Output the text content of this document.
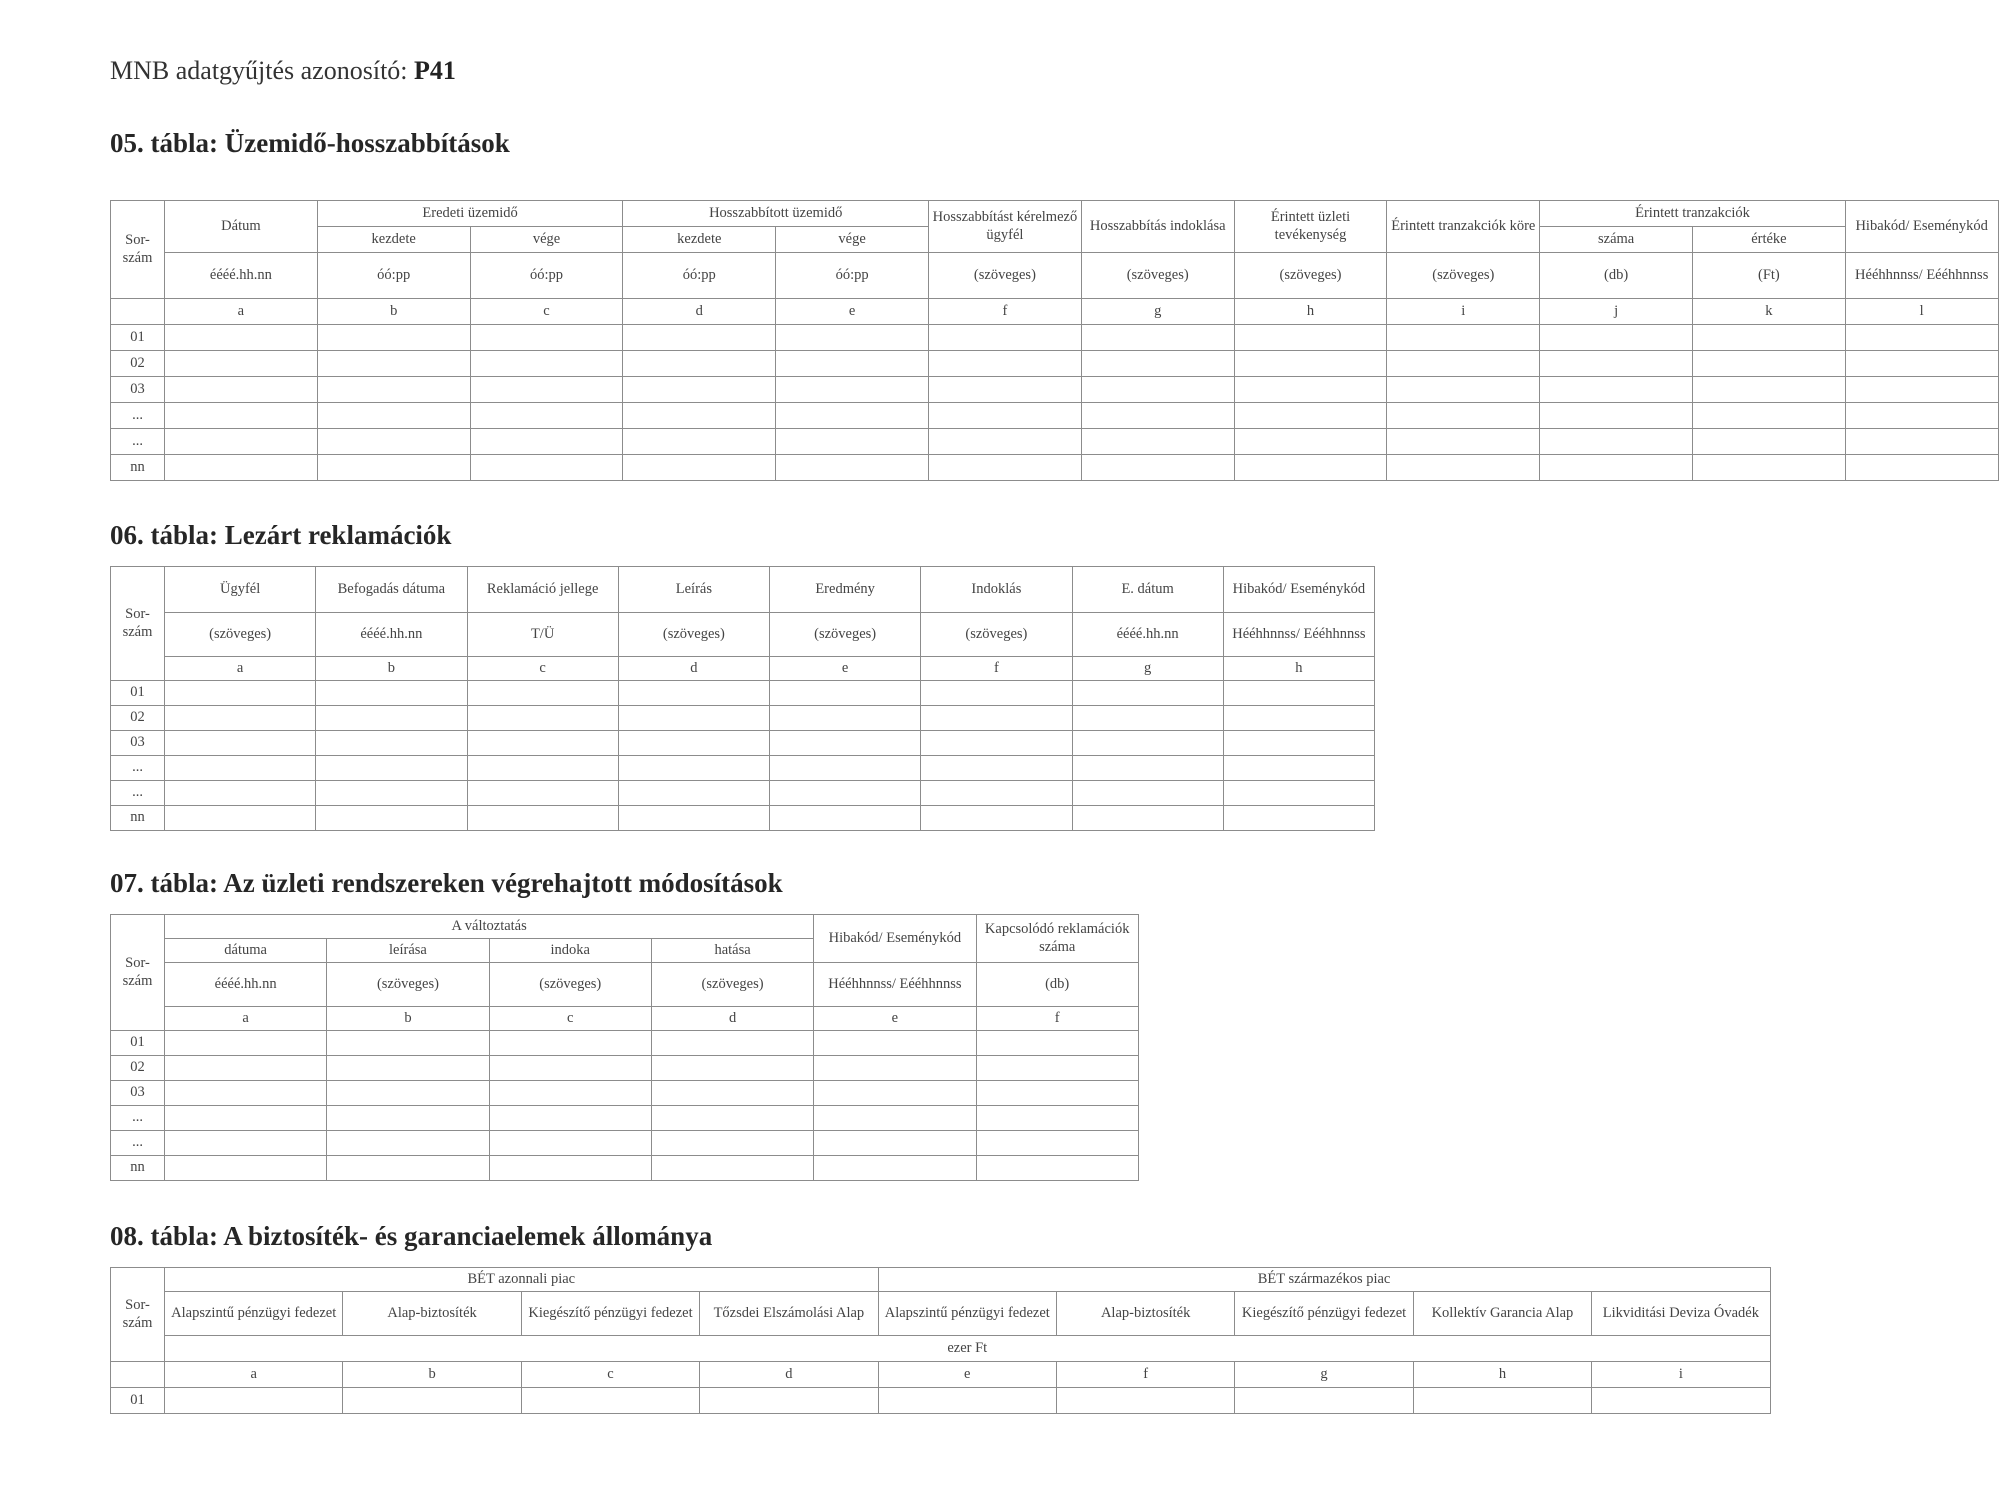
MNB adatgyűjtés azonosító: P41
05. tábla: Üzemidő-hosszabbítások
Sor-szám	Dátum	Eredeti üzemidő		Hosszabbított üzemidő		Hosszabbítást kérelmező ügyfél	Hosszabbítás indoklása	Érintett üzleti tevékenység	Érintett tranzakciók köre	Érintett tranzakciók		Hibakód/ Eseménykód
		kezdete	vége	kezdete	vége					száma	értéke	
	éééé.hh.nn	óó:pp	óó:pp	óó:pp	óó:pp	(szöveges)	(szöveges)	(szöveges)	(szöveges)	(db)	(Ft)	Hééhhnnss/ Eééhhnnss
	a	b	c	d	e	f	g	h	i	j	k	l
01												
02												
03												
...												
...												
nn												
06. tábla: Lezárt reklamációk
Sor-szám	Ügyfél	Befogadás dátuma	Reklamáció jellege	Leírás	Eredmény	Indoklás	E. dátum	Hibakód/ Eseménykód
	(szöveges)	éééé.hh.nn	T/Ü	(szöveges)	(szöveges)	(szöveges)	éééé.hh.nn	Hééhhnnss/ Eééhhnnss
	a	b	c	d	e	f	g	h
01								
02								
03								
...								
...								
nn								
07. tábla: Az üzleti rendszereken végrehajtott módosítások
Sor-szám	A változtatás				Hibakód/ Eseménykód	Kapcsolódó reklamációk száma
	dátuma	leírása	indoka	hatása		
	éééé.hh.nn	(szöveges)	(szöveges)	(szöveges)	Hééhhnnss/ Eééhhnnss	(db)
	a	b	c	d	e	f
01						
02						
03						
...						
...						
nn						
08. tábla: A biztosíték- és garanciaelemek állománya
Sor-szám	BÉT azonnali piac				BÉT származékos piac				
	Alapszintű pénzügyi fedezet	Alap-biztosíték	Kiegészítő pénzügyi fedezet	Tőzsdei Elszámolási Alap	Alapszintű pénzügyi fedezet	Alap-biztosíték	Kiegészítő pénzügyi fedezet	Kollektív Garancia Alap	Likviditási Deviza Óvadék
	ezer Ft								
	a	b	c	d	e	f	g	h	i
01									
